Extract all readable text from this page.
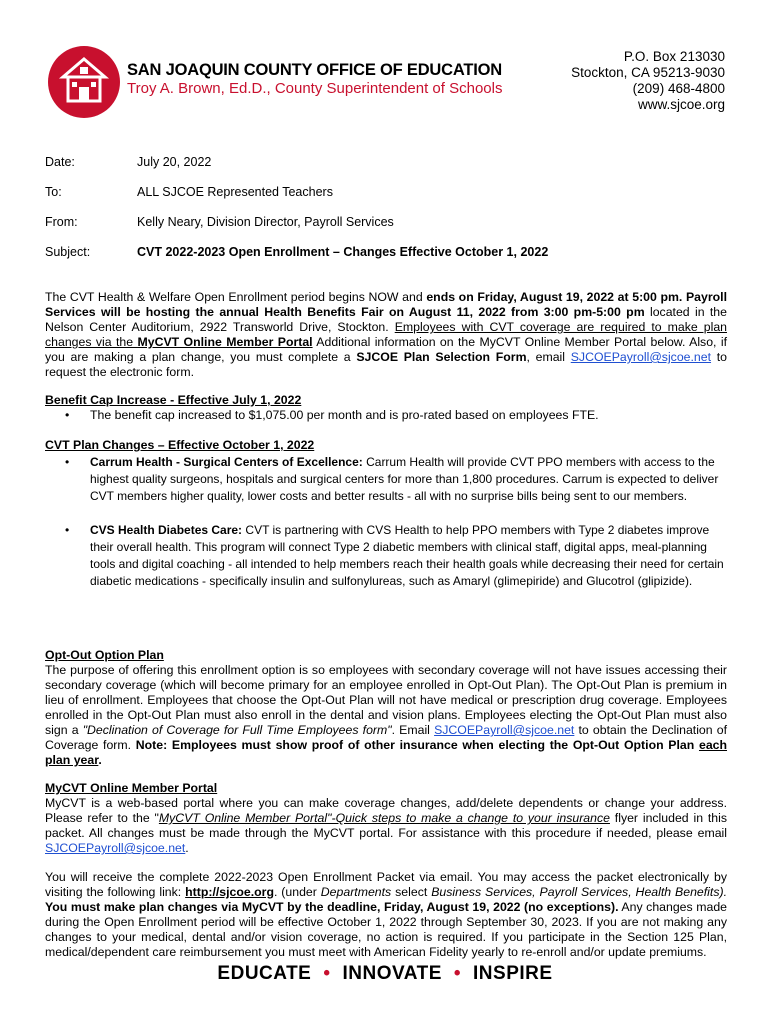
SAN JOAQUIN COUNTY OFFICE OF EDUCATION
Troy A. Brown, Ed.D., County Superintendent of Schools
P.O. Box 213030
Stockton, CA 95213-9030
(209) 468-4800
www.sjcoe.org
Date:	July 20, 2022
To:	ALL SJCOE Represented Teachers
From:	Kelly Neary, Division Director, Payroll Services
Subject:	CVT 2022-2023 Open Enrollment – Changes Effective October 1, 2022
The CVT Health & Welfare Open Enrollment period begins NOW and ends on Friday, August 19, 2022 at 5:00 pm. Payroll Services will be hosting the annual Health Benefits Fair on August 11, 2022 from 3:00 pm-5:00 pm located in the Nelson Center Auditorium, 2922 Transworld Drive, Stockton. Employees with CVT coverage are required to make plan changes via the MyCVT Online Member Portal Additional information on the MyCVT Online Member Portal below. Also, if you are making a plan change, you must complete a SJCOE Plan Selection Form, email SJCOEPayroll@sjcoe.net to request the electronic form.
Benefit Cap Increase - Effective July 1, 2022
• The benefit cap increased to $1,075.00 per month and is pro-rated based on employees FTE.
CVT Plan Changes – Effective October 1, 2022
• Carrum Health - Surgical Centers of Excellence: Carrum Health will provide CVT PPO members with access to the highest quality surgeons, hospitals and surgical centers for more than 1,800 procedures. Carrum is expected to deliver CVT members higher quality, lower costs and better results - all with no surprise bills being sent to our members.
• CVS Health Diabetes Care: CVT is partnering with CVS Health to help PPO members with Type 2 diabetes improve their overall health. This program will connect Type 2 diabetic members with clinical staff, digital apps, meal-planning tools and digital coaching - all intended to help members reach their health goals while decreasing their need for certain diabetic medications - specifically insulin and sulfonylureas, such as Amaryl (glimepiride) and Glucotrol (glipizide).
Opt-Out Option Plan
The purpose of offering this enrollment option is so employees with secondary coverage will not have issues accessing their secondary coverage (which will become primary for an employee enrolled in Opt-Out Plan). The Opt-Out Plan is premium in lieu of enrollment. Employees that choose the Opt-Out Plan will not have medical or prescription drug coverage. Employees enrolled in the Opt-Out Plan must also enroll in the dental and vision plans. Employees electing the Opt-Out Plan must also sign a "Declination of Coverage for Full Time Employees form". Email SJCOEPayroll@sjcoe.net to obtain the Declination of Coverage form. Note: Employees must show proof of other insurance when electing the Opt-Out Option Plan each plan year.
MyCVT Online Member Portal
MyCVT is a web-based portal where you can make coverage changes, add/delete dependents or change your address. Please refer to the "MyCVT Online Member Portal"-Quick steps to make a change to your insurance flyer included in this packet. All changes must be made through the MyCVT portal. For assistance with this procedure if needed, please email SJCOEPayroll@sjcoe.net.
You will receive the complete 2022-2023 Open Enrollment Packet via email. You may access the packet electronically by visiting the following link: http://sjcoe.org. (under Departments select Business Services, Payroll Services, Health Benefits). You must make plan changes via MyCVT by the deadline, Friday, August 19, 2022 (no exceptions). Any changes made during the Open Enrollment period will be effective October 1, 2022 through September 30, 2023. If you are not making any changes to your medical, dental and/or vision coverage, no action is required. If you participate in the Section 125 Plan, medical/dependent care reimbursement you must meet with American Fidelity yearly to re-enroll and/or update premiums.
EDUCATE • INNOVATE • INSPIRE
